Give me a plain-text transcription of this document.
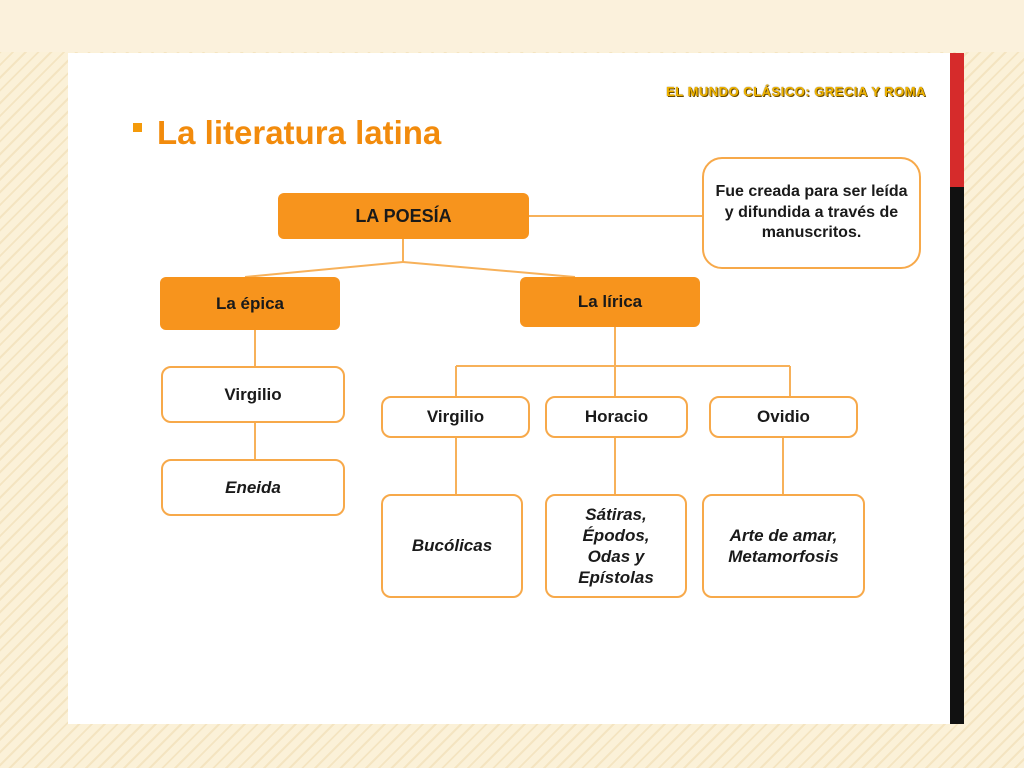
EL MUNDO CLÁSICO: GRECIA Y ROMA
La literatura latina
LA POESÍA
Fue creada para ser leída y difundida a través de manuscritos.
La épica	La lírica
Virgilio
Eneida
Virgilio	Horacio	Ovidio
Bucólicas
Sátiras, Épodos, Odas y Epístolas
Arte de amar, Metamorfosis
